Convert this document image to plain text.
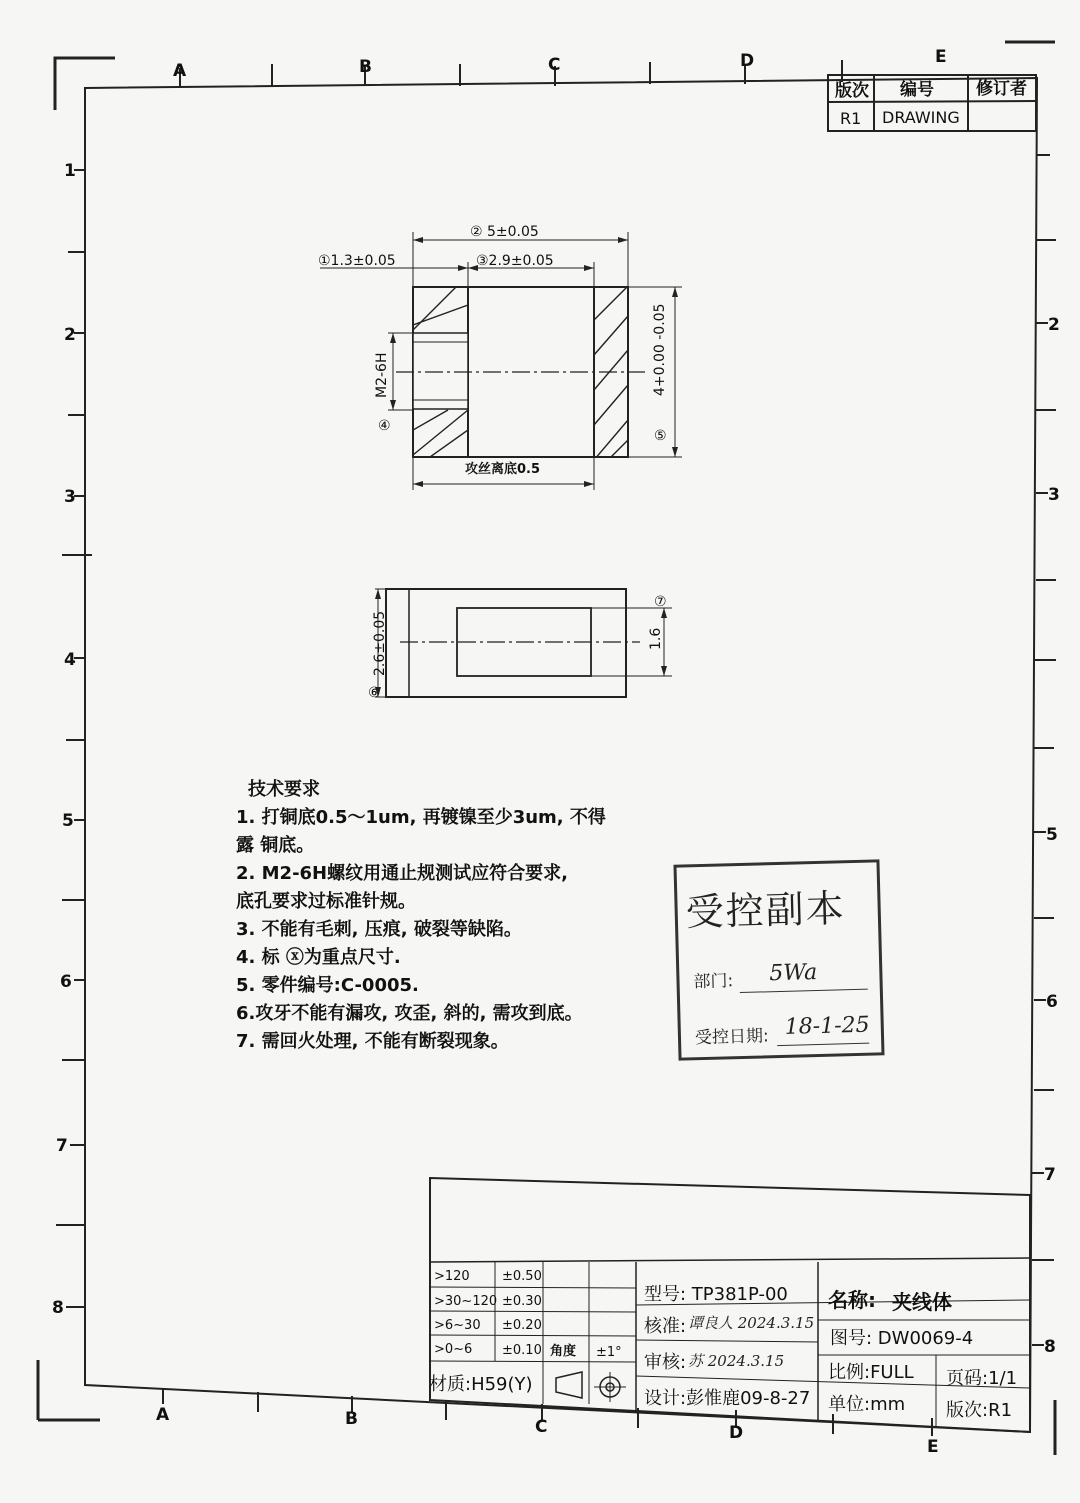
A	B	C	D	E
A	B	C	D
E
1
2
3
4
5
6
7
8
2
3
5
6
7
8
版次 编号 修订者
R1 DRAWING
② 5±0.05
①1.3±0.05	③2.9±0.05
M2-6H
④
4+0.00 -0.05
⑤
攻丝离底0.5
2.6±0.05
⑥
1.6
⑦
>120 ±0.50
>30~120 ±0.30
>6~30 ±0.20
>0~6 ±0.10 角度 ±1°
材质:H59(Y)
技术要求
1. 打铜底0.5～1um, 再镀镍至少3um, 不得
露 铜底。
2. M2-6H螺纹用通止规测试应符合要求,
底孔要求过标准针规。
3. 不能有毛刺, 压痕, 破裂等缺陷。
4. 标 ⓧ为重点尺寸.
5. 零件编号:C-0005.
6.攻牙不能有漏攻, 攻歪, 斜的, 需攻到底。
7. 需回火处理, 不能有断裂现象。
受控副本
部门: 5Wa
受控日期: 18-1-25
型号: TP381P-00
核准: 谭良人 2024.3.15
审核: 苏 2024.3.15
设计:彭惟鹿09-8-27
名称: 夹线体
图号: DW0069-4
比例:FULL 页码:1/1
单位:mm 版次:R1
